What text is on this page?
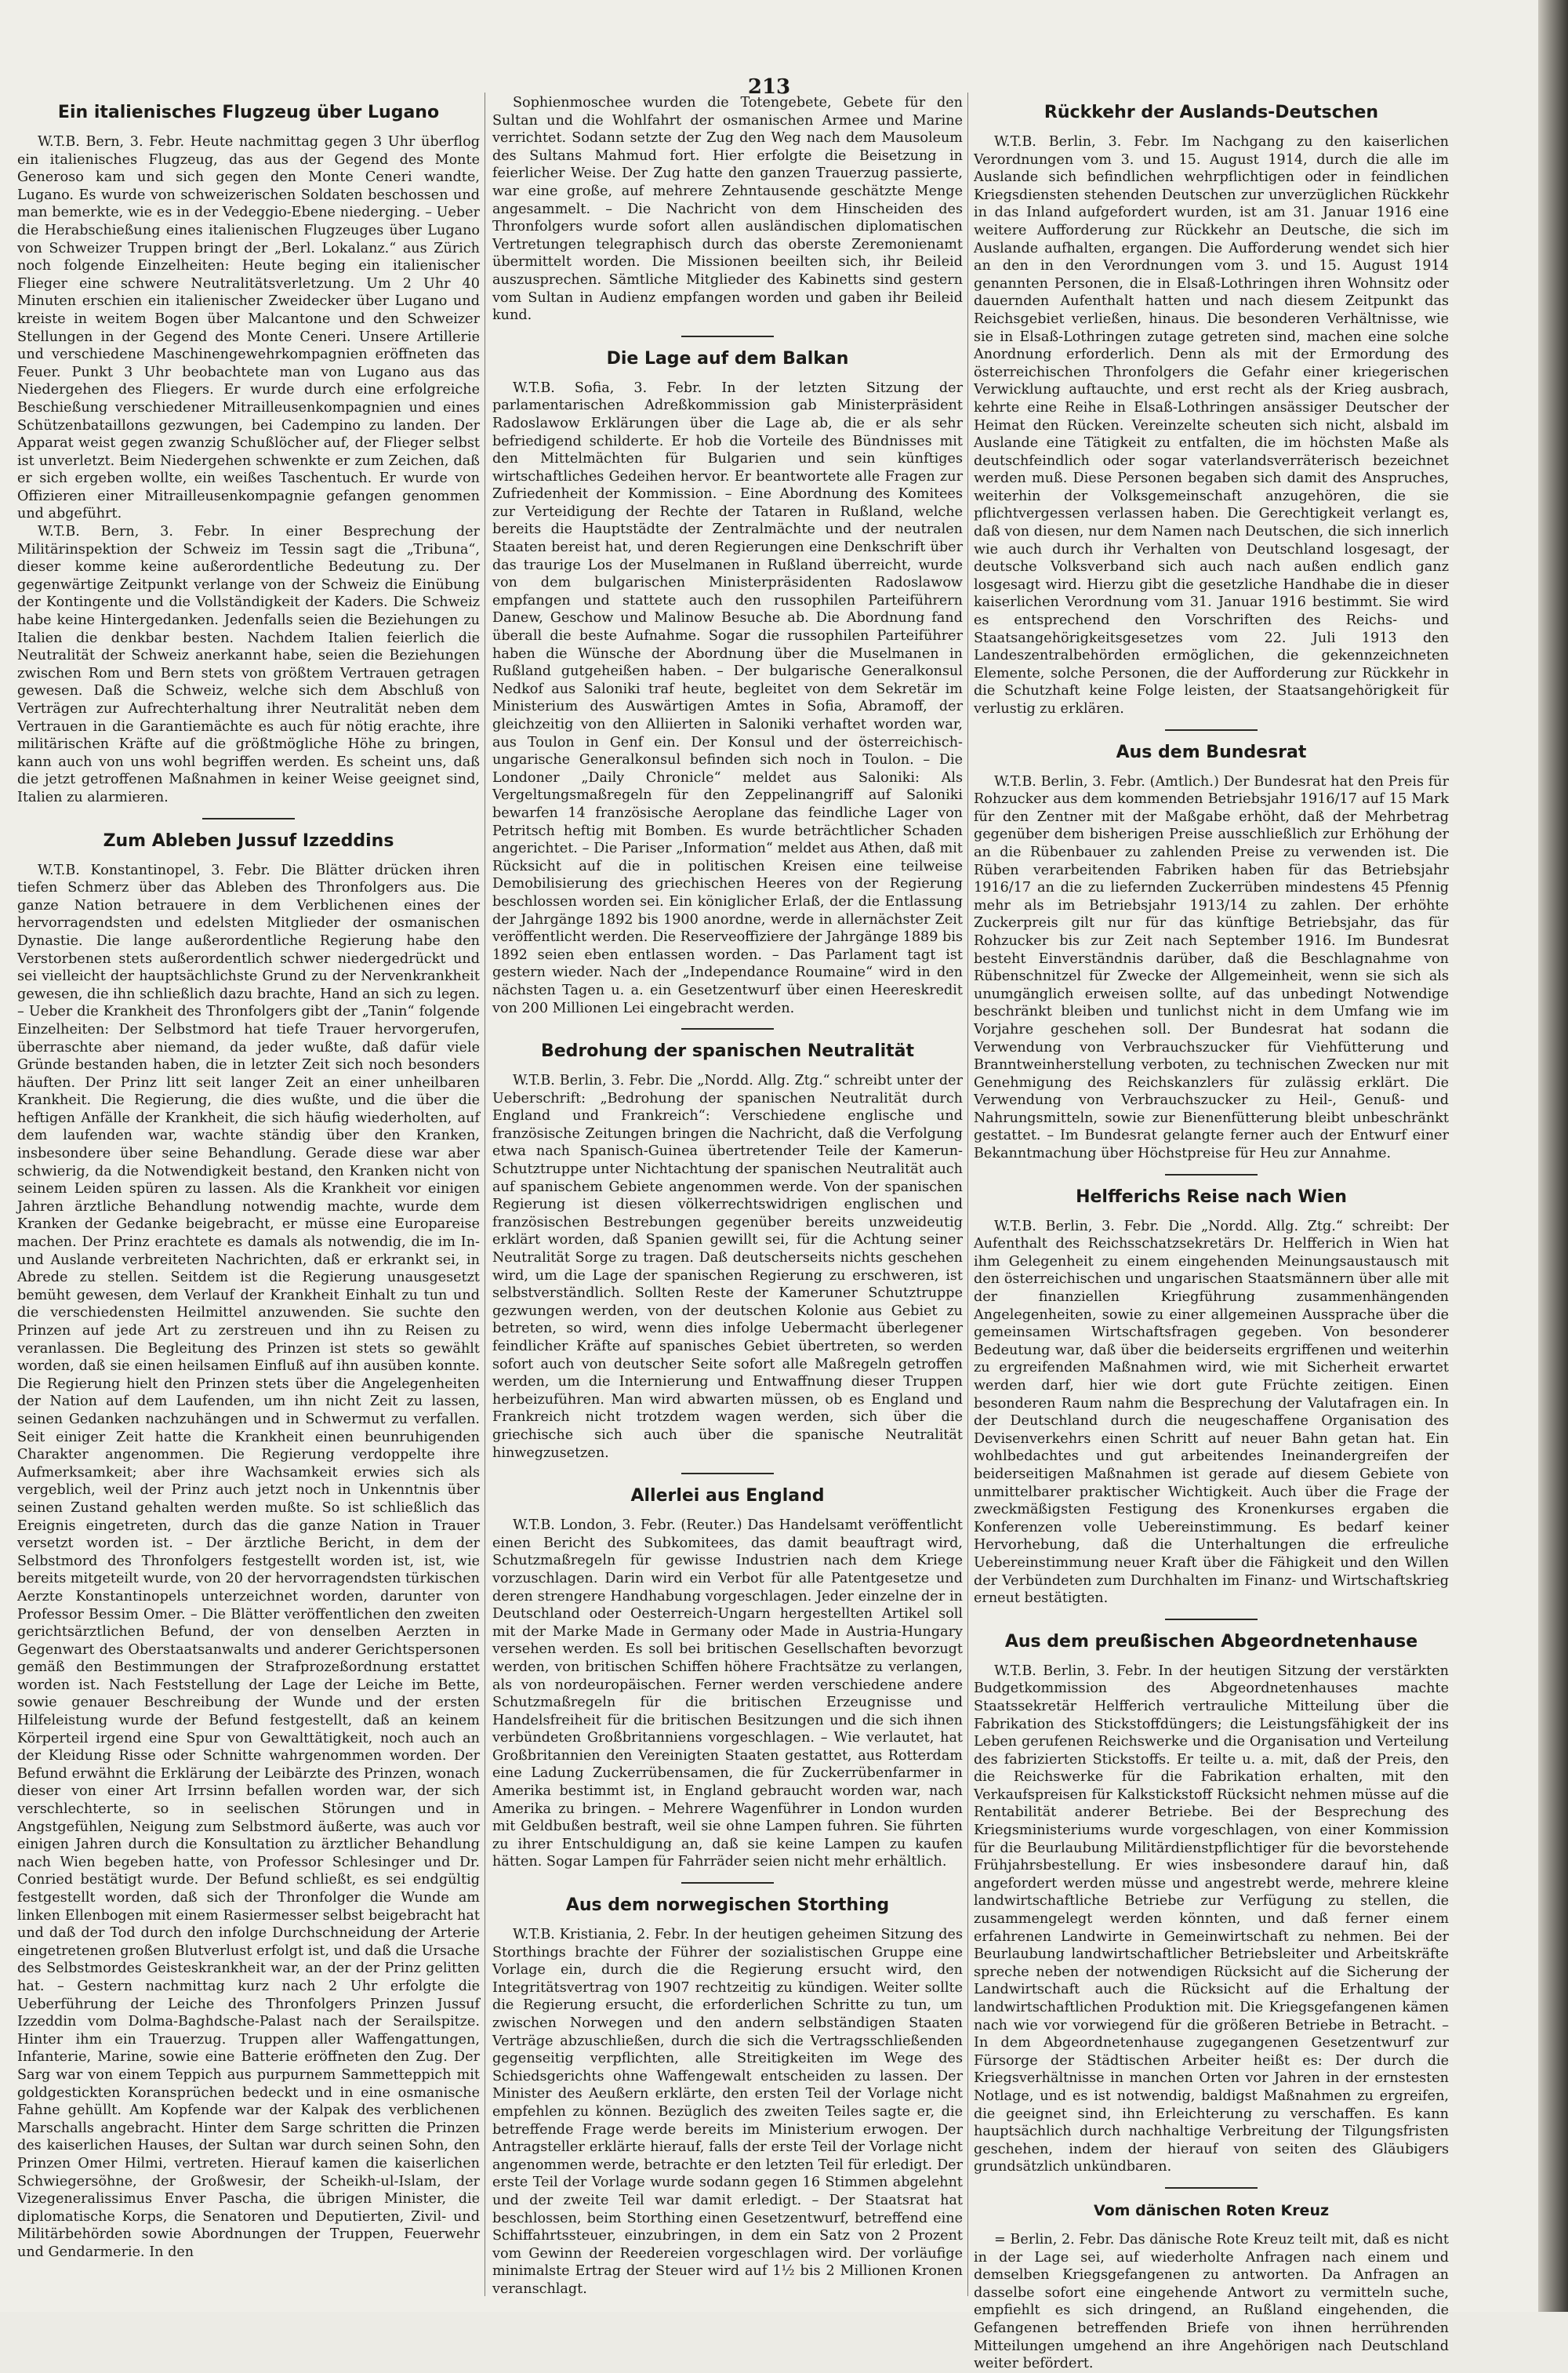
213
Ein italienisches Flugzeug über Lugano

W.T.B. Bern, 3. Febr. Heute nachmittag gegen 3 Uhr überflog ein italienisches Flugzeug, das aus der Gegend des Monte Generoso kam und sich gegen den Monte Ceneri wandte, Lugano. Es wurde von schweizerischen Soldaten beschossen und man bemerkte, wie es in der Vedeggio-Ebene niederging. – Ueber die Herabschießung eines italienischen Flugzeuges über Lugano von Schweizer Truppen bringt der „Berl. Lokalanz.“ aus Zürich noch folgende Einzelheiten: Heute beging ein italienischer Flieger eine schwere Neutralitätsverletzung. Um 2 Uhr 40 Minuten erschien ein italienischer Zweidecker über Lugano und kreiste in weitem Bogen über Malcantone und den Schweizer Stellungen in der Gegend des Monte Ceneri. Unsere Artillerie und verschiedene Maschinengewehrkompagnien eröffneten das Feuer. Punkt 3 Uhr beobachtete man von Lugano aus das Niedergehen des Fliegers. Er wurde durch eine erfolgreiche Beschießung verschiedener Mitrailleusenkompagnien und eines Schützenbataillons gezwungen, bei Cadempino zu landen. Der Apparat weist gegen zwanzig Schußlöcher auf, der Flieger selbst ist unverletzt. Beim Niedergehen schwenkte er zum Zeichen, daß er sich ergeben wollte, ein weißes Taschentuch. Er wurde von Offizieren einer Mitrailleusenkompagnie gefangen genommen und abgeführt.

W.T.B. Bern, 3. Febr. In einer Besprechung der Militärinspektion der Schweiz im Tessin sagt die „Tribuna“, dieser komme keine außerordentliche Bedeutung zu. Der gegenwärtige Zeitpunkt verlange von der Schweiz die Einübung der Kontingente und die Vollständigkeit der Kaders. Die Schweiz habe keine Hintergedanken. Jedenfalls seien die Beziehungen zu Italien die denkbar besten. Nachdem Italien feierlich die Neutralität der Schweiz anerkannt habe, seien die Beziehungen zwischen Rom und Bern stets von größtem Vertrauen getragen gewesen. Daß die Schweiz, welche sich dem Abschluß von Verträgen zur Aufrechterhaltung ihrer Neutralität neben dem Vertrauen in die Garantiemächte es auch für nötig erachte, ihre militärischen Kräfte auf die größtmögliche Höhe zu bringen, kann auch von uns wohl begriffen werden. Es scheint uns, daß die jetzt getroffenen Maßnahmen in keiner Weise geeignet sind, Italien zu alarmieren.

Zum Ableben Jussuf Izzeddins

W.T.B. Konstantinopel, 3. Febr. Die Blätter drücken ihren tiefen Schmerz über das Ableben des Thronfolgers aus. Die ganze Nation betrauere in dem Verblichenen eines der hervorragendsten und edelsten Mitglieder der osmanischen Dynastie. Die lange außerordentliche Regierung habe den Verstorbenen stets außerordentlich schwer niedergedrückt und sei vielleicht der hauptsächlichste Grund zu der Nervenkrankheit gewesen, die ihn schließlich dazu brachte, Hand an sich zu legen. – Ueber die Krankheit des Thronfolgers gibt der „Tanin“ folgende Einzelheiten: Der Selbstmord hat tiefe Trauer hervorgerufen, überraschte aber niemand, da jeder wußte, daß dafür viele Gründe bestanden haben, die in letzter Zeit sich noch besonders häuften. Der Prinz litt seit langer Zeit an einer unheilbaren Krankheit. Die Regierung, die dies wußte, und die über die heftigen Anfälle der Krankheit, die sich häufig wiederholten, auf dem laufenden war, wachte ständig über den Kranken, insbesondere über seine Behandlung. Gerade diese war aber schwierig, da die Notwendigkeit bestand, den Kranken nicht von seinem Leiden spüren zu lassen. Als die Krankheit vor einigen Jahren ärztliche Behandlung notwendig machte, wurde dem Kranken der Gedanke beigebracht, er müsse eine Europareise machen. Der Prinz erachtete es damals als notwendig, die im In- und Auslande verbreiteten Nachrichten, daß er erkrankt sei, in Abrede zu stellen. Seitdem ist die Regierung unausgesetzt bemüht gewesen, dem Verlauf der Krankheit Einhalt zu tun und die verschiedensten Heilmittel anzuwenden. Sie suchte den Prinzen auf jede Art zu zerstreuen und ihn zu Reisen zu veranlassen. Die Begleitung des Prinzen ist stets so gewählt worden, daß sie einen heilsamen Einfluß auf ihn ausüben konnte. Die Regierung hielt den Prinzen stets über die Angelegenheiten der Nation auf dem Laufenden, um ihn nicht Zeit zu lassen, seinen Gedanken nachzuhängen und in Schwermut zu verfallen. Seit einiger Zeit hatte die Krankheit einen beunruhigenden Charakter angenommen. Die Regierung verdoppelte ihre Aufmerksamkeit; aber ihre Wachsamkeit erwies sich als vergeblich, weil der Prinz auch jetzt noch in Unkenntnis über seinen Zustand gehalten werden mußte. So ist schließlich das Ereignis eingetreten, durch das die ganze Nation in Trauer versetzt worden ist. – Der ärztliche Bericht, in dem der Selbstmord des Thronfolgers festgestellt worden ist, ist, wie bereits mitgeteilt wurde, von 20 der hervorragendsten türkischen Aerzte Konstantinopels unterzeichnet worden, darunter von Professor Bessim Omer. – Die Blätter veröffentlichen den zweiten gerichtsärztlichen Befund, der von denselben Aerzten in Gegenwart des Oberstaatsanwalts und anderer Gerichtspersonen gemäß den Bestimmungen der Strafprozeßordnung erstattet worden ist. Nach Feststellung der Lage der Leiche im Bette, sowie genauer Beschreibung der Wunde und der ersten Hilfeleistung wurde der Befund festgestellt, daß an keinem Körperteil irgend eine Spur von Gewalttätigkeit, noch auch an der Kleidung Risse oder Schnitte wahrgenommen worden. Der Befund erwähnt die Erklärung der Leibärzte des Prinzen, wonach dieser von einer Art Irrsinn befallen worden war, der sich verschlechterte, so in seelischen Störungen und in Angstgefühlen, Neigung zum Selbstmord äußerte, was auch vor einigen Jahren durch die Konsultation zu ärztlicher Behandlung nach Wien begeben hatte, von Professor Schlesinger und Dr. Conried bestätigt wurde. Der Befund schließt, es sei endgültig festgestellt worden, daß sich der Thronfolger die Wunde am linken Ellenbogen mit einem Rasiermesser selbst beigebracht hat und daß der Tod durch den infolge Durchschneidung der Arterie eingetretenen großen Blutverlust erfolgt ist, und daß die Ursache des Selbstmordes Geisteskrankheit war, an der der Prinz gelitten hat. – Gestern nachmittag kurz nach 2 Uhr erfolgte die Ueberführung der Leiche des Thronfolgers Prinzen Jussuf Izzeddin vom Dolma-Baghdsche-Palast nach der Serailspitze. Hinter ihm ein Trauerzug. Truppen aller Waffengattungen, Infanterie, Marine, sowie eine Batterie eröffneten den Zug. Der Sarg war von einem Teppich aus purpurnem Sammetteppich mit goldgestickten Koransprüchen bedeckt und in eine osmanische Fahne gehüllt. Am Kopfende war der Kalpak des verblichenen Marschalls angebracht. Hinter dem Sarge schritten die Prinzen des kaiserlichen Hauses, der Sultan war durch seinen Sohn, den Prinzen Omer Hilmi, vertreten. Hierauf kamen die kaiserlichen Schwiegersöhne, der Großwesir, der Scheikh-ul-Islam, der Vizegeneralissimus Enver Pascha, die übrigen Minister, die diplomatische Korps, die Senatoren und Deputierten, Zivil- und Militärbehörden sowie Abordnungen der Truppen, Feuerwehr und Gendarmerie. In den

Sophienmoschee wurden die Totengebete, Gebete für den Sultan und die Wohlfahrt der osmanischen Armee und Marine verrichtet. Sodann setzte der Zug den Weg nach dem Mausoleum des Sultans Mahmud fort. Hier erfolgte die Beisetzung in feierlicher Weise. Der Zug hatte den ganzen Trauerzug passierte, war eine große, auf mehrere Zehntausende geschätzte Menge angesammelt. – Die Nachricht von dem Hinscheiden des Thronfolgers wurde sofort allen ausländischen diplomatischen Vertretungen telegraphisch durch das oberste Zeremonienamt übermittelt worden. Die Missionen beeilten sich, ihr Beileid auszusprechen. Sämtliche Mitglieder des Kabinetts sind gestern vom Sultan in Audienz empfangen worden und gaben ihr Beileid kund.

Die Lage auf dem Balkan

W.T.B. Sofia, 3. Febr. In der letzten Sitzung der parlamentarischen Adreßkommission gab Ministerpräsident Radoslawow Erklärungen über die Lage ab, die er als sehr befriedigend schilderte. Er hob die Vorteile des Bündnisses mit den Mittelmächten für Bulgarien und sein künftiges wirtschaftliches Gedeihen hervor. Er beantwortete alle Fragen zur Zufriedenheit der Kommission. – Eine Abordnung des Komitees zur Verteidigung der Rechte der Tataren in Rußland, welche bereits die Hauptstädte der Zentralmächte und der neutralen Staaten bereist hat, und deren Regierungen eine Denkschrift über das traurige Los der Muselmanen in Rußland überreicht, wurde von dem bulgarischen Ministerpräsidenten Radoslawow empfangen und stattete auch den russophilen Parteiführern Danew, Geschow und Malinow Besuche ab. Die Abordnung fand überall die beste Aufnahme. Sogar die russophilen Parteiführer haben die Wünsche der Abordnung über die Muselmanen in Rußland gutgeheißen haben. – Der bulgarische Generalkonsul Nedkof aus Saloniki traf heute, begleitet von dem Sekretär im Ministerium des Auswärtigen Amtes in Sofia, Abramoff, der gleichzeitig von den Alliierten in Saloniki verhaftet worden war, aus Toulon in Genf ein. Der Konsul und der österreichisch-ungarische Generalkonsul befinden sich noch in Toulon. – Die Londoner „Daily Chronicle“ meldet aus Saloniki: Als Vergeltungsmaßregeln für den Zeppelinangriff auf Saloniki bewarfen 14 französische Aeroplane das feindliche Lager von Petritsch heftig mit Bomben. Es wurde beträchtlicher Schaden angerichtet. – Die Pariser „Information“ meldet aus Athen, daß mit Rücksicht auf die in politischen Kreisen eine teilweise Demobilisierung des griechischen Heeres von der Regierung beschlossen worden sei. Ein königlicher Erlaß, der die Entlassung der Jahrgänge 1892 bis 1900 anordne, werde in allernächster Zeit veröffentlicht werden. Die Reserveoffiziere der Jahrgänge 1889 bis 1892 seien eben entlassen worden. – Das Parlament tagt ist gestern wieder. Nach der „Independance Roumaine“ wird in den nächsten Tagen u. a. ein Gesetzentwurf über einen Heereskredit von 200 Millionen Lei eingebracht werden.

Bedrohung der spanischen Neutralität

W.T.B. Berlin, 3. Febr. Die „Nordd. Allg. Ztg.“ schreibt unter der Ueberschrift: „Bedrohung der spanischen Neutralität durch England und Frankreich“: Verschiedene englische und französische Zeitungen bringen die Nachricht, daß die Verfolgung etwa nach Spanisch-Guinea übertretender Teile der Kamerun-Schutztruppe unter Nichtachtung der spanischen Neutralität auch auf spanischem Gebiete angenommen werde. Von der spanischen Regierung ist diesen völkerrechtswidrigen englischen und französischen Bestrebungen gegenüber bereits unzweideutig erklärt worden, daß Spanien gewillt sei, für die Achtung seiner Neutralität Sorge zu tragen. Daß deutscherseits nichts geschehen wird, um die Lage der spanischen Regierung zu erschweren, ist selbstverständlich. Sollten Reste der Kameruner Schutztruppe gezwungen werden, von der deutschen Kolonie aus Gebiet zu betreten, so wird, wenn dies infolge Uebermacht überlegener feindlicher Kräfte auf spanisches Gebiet übertreten, so werden sofort auch von deutscher Seite sofort alle Maßregeln getroffen werden, um die Internierung und Entwaffnung dieser Truppen herbeizuführen. Man wird abwarten müssen, ob es England und Frankreich nicht trotzdem wagen werden, sich über die griechische sich auch über die spanische Neutralität hinwegzusetzen.

Allerlei aus England

W.T.B. London, 3. Febr. (Reuter.) Das Handelsamt veröffentlicht einen Bericht des Subkomitees, das damit beauftragt wird, Schutzmaßregeln für gewisse Industrien nach dem Kriege vorzuschlagen. Darin wird ein Verbot für alle Patentgesetze und deren strengere Handhabung vorgeschlagen. Jeder einzelne der in Deutschland oder Oesterreich-Ungarn hergestellten Artikel soll mit der Marke Made in Germany oder Made in Austria-Hungary versehen werden. Es soll bei britischen Gesellschaften bevorzugt werden, von britischen Schiffen höhere Frachtsätze zu verlangen, als von nordeuropäischen. Ferner werden verschiedene andere Schutzmaßregeln für die britischen Erzeugnisse und Handelsfreiheit für die britischen Besitzungen und die sich ihnen verbündeten Großbritanniens vorgeschlagen. – Wie verlautet, hat Großbritannien den Vereinigten Staaten gestattet, aus Rotterdam eine Ladung Zuckerrübensamen, die für Zuckerrübenfarmer in Amerika bestimmt ist, in England gebraucht worden war, nach Amerika zu bringen. – Mehrere Wagenführer in London wurden mit Geldbußen bestraft, weil sie ohne Lampen fuhren. Sie führten zu ihrer Entschuldigung an, daß sie keine Lampen zu kaufen hätten. Sogar Lampen für Fahrräder seien nicht mehr erhältlich.

Aus dem norwegischen Storthing

W.T.B. Kristiania, 2. Febr. In der heutigen geheimen Sitzung des Storthings brachte der Führer der sozialistischen Gruppe eine Vorlage ein, durch die die Regierung ersucht wird, den Integritätsvertrag von 1907 rechtzeitig zu kündigen. Weiter sollte die Regierung ersucht, die erforderlichen Schritte zu tun, um zwischen Norwegen und den andern selbständigen Staaten Verträge abzuschließen, durch die sich die Vertragsschließenden gegenseitig verpflichten, alle Streitigkeiten im Wege des Schiedsgerichts ohne Waffengewalt entscheiden zu lassen. Der Minister des Aeußern erklärte, den ersten Teil der Vorlage nicht empfehlen zu können. Bezüglich des zweiten Teiles sagte er, die betreffende Frage werde bereits im Ministerium erwogen. Der Antragsteller erklärte hierauf, falls der erste Teil der Vorlage nicht angenommen werde, betrachte er den letzten Teil für erledigt. Der erste Teil der Vorlage wurde sodann gegen 16 Stimmen abgelehnt und der zweite Teil war damit erledigt. – Der Staatsrat hat beschlossen, beim Storthing einen Gesetzentwurf, betreffend eine Schiffahrtssteuer, einzubringen, in dem ein Satz von 2 Prozent vom Gewinn der Reedereien vorgeschlagen wird. Der vorläufige minimalste Ertrag der Steuer wird auf 1½ bis 2 Millionen Kronen veranschlagt.

Rückkehr der Auslands-Deutschen

W.T.B. Berlin, 3. Febr. Im Nachgang zu den kaiserlichen Verordnungen vom 3. und 15. August 1914, durch die alle im Auslande sich befindlichen wehrpflichtigen oder in feindlichen Kriegsdiensten stehenden Deutschen zur unverzüglichen Rückkehr in das Inland aufgefordert wurden, ist am 31. Januar 1916 eine weitere Aufforderung zur Rückkehr an Deutsche, die sich im Auslande aufhalten, ergangen. Die Aufforderung wendet sich hier an den in den Verordnungen vom 3. und 15. August 1914 genannten Personen, die in Elsaß-Lothringen ihren Wohnsitz oder dauernden Aufenthalt hatten und nach diesem Zeitpunkt das Reichsgebiet verließen, hinaus. Die besonderen Verhältnisse, wie sie in Elsaß-Lothringen zutage getreten sind, machen eine solche Anordnung erforderlich. Denn als mit der Ermordung des österreichischen Thronfolgers die Gefahr einer kriegerischen Verwicklung auftauchte, und erst recht als der Krieg ausbrach, kehrte eine Reihe in Elsaß-Lothringen ansässiger Deutscher der Heimat den Rücken. Vereinzelte scheuten sich nicht, alsbald im Auslande eine Tätigkeit zu entfalten, die im höchsten Maße als deutschfeindlich oder sogar vaterlandsverräterisch bezeichnet werden muß. Diese Personen begaben sich damit des Anspruches, weiterhin der Volksgemeinschaft anzugehören, die sie pflichtvergessen verlassen haben. Die Gerechtigkeit verlangt es, daß von diesen, nur dem Namen nach Deutschen, die sich innerlich wie auch durch ihr Verhalten von Deutschland losgesagt, der deutsche Volksverband sich auch nach außen endlich ganz losgesagt wird. Hierzu gibt die gesetzliche Handhabe die in dieser kaiserlichen Verordnung vom 31. Januar 1916 bestimmt. Sie wird es entsprechend den Vorschriften des Reichs- und Staatsangehörigkeitsgesetzes vom 22. Juli 1913 den Landeszentralbehörden ermöglichen, die gekennzeichneten Elemente, solche Personen, die der Aufforderung zur Rückkehr in die Schutzhaft keine Folge leisten, der Staatsangehörigkeit für verlustig zu erklären.

Aus dem Bundesrat

W.T.B. Berlin, 3. Febr. (Amtlich.) Der Bundesrat hat den Preis für Rohzucker aus dem kommenden Betriebsjahr 1916/17 auf 15 Mark für den Zentner mit der Maßgabe erhöht, daß der Mehrbetrag gegenüber dem bisherigen Preise ausschließlich zur Erhöhung der an die Rübenbauer zu zahlenden Preise zu verwenden ist. Die Rüben verarbeitenden Fabriken haben für das Betriebsjahr 1916/17 an die zu liefernden Zuckerrüben mindestens 45 Pfennig mehr als im Betriebsjahr 1913/14 zu zahlen. Der erhöhte Zuckerpreis gilt nur für das künftige Betriebsjahr, das für Rohzucker bis zur Zeit nach September 1916. Im Bundesrat besteht Einverständnis darüber, daß die Beschlagnahme von Rübenschnitzel für Zwecke der Allgemeinheit, wenn sie sich als unumgänglich erweisen sollte, auf das unbedingt Notwendige beschränkt bleiben und tunlichst nicht in dem Umfang wie im Vorjahre geschehen soll. Der Bundesrat hat sodann die Verwendung von Verbrauchszucker für Viehfütterung und Branntweinherstellung verboten, zu technischen Zwecken nur mit Genehmigung des Reichskanzlers für zulässig erklärt. Die Verwendung von Verbrauchszucker zu Heil-, Genuß- und Nahrungsmitteln, sowie zur Bienenfütterung bleibt unbeschränkt gestattet. – Im Bundesrat gelangte ferner auch der Entwurf einer Bekanntmachung über Höchstpreise für Heu zur Annahme.

Helfferichs Reise nach Wien

W.T.B. Berlin, 3. Febr. Die „Nordd. Allg. Ztg.“ schreibt: Der Aufenthalt des Reichsschatzsekretärs Dr. Helfferich in Wien hat ihm Gelegenheit zu einem eingehenden Meinungsaustausch mit den österreichischen und ungarischen Staatsmännern über alle mit der finanziellen Kriegführung zusammenhängenden Angelegenheiten, sowie zu einer allgemeinen Aussprache über die gemeinsamen Wirtschaftsfragen gegeben. Von besonderer Bedeutung war, daß über die beiderseits ergriffenen und weiterhin zu ergreifenden Maßnahmen wird, wie mit Sicherheit erwartet werden darf, hier wie dort gute Früchte zeitigen. Einen besonderen Raum nahm die Besprechung der Valutafragen ein. In der Deutschland durch die neugeschaffene Organisation des Devisenverkehrs einen Schritt auf neuer Bahn getan hat. Ein wohlbedachtes und gut arbeitendes Ineinandergreifen der beiderseitigen Maßnahmen ist gerade auf diesem Gebiete von unmittelbarer praktischer Wichtigkeit. Auch über die Frage der zweckmäßigsten Festigung des Kronenkurses ergaben die Konferenzen volle Uebereinstimmung. Es bedarf keiner Hervorhebung, daß die Unterhaltungen die erfreuliche Uebereinstimmung neuer Kraft über die Fähigkeit und den Willen der Verbündeten zum Durchhalten im Finanz- und Wirtschaftskrieg erneut bestätigten.

Aus dem preußischen Abgeordnetenhause

W.T.B. Berlin, 3. Febr. In der heutigen Sitzung der verstärkten Budgetkommission des Abgeordnetenhauses machte Staatssekretär Helfferich vertrauliche Mitteilung über die Fabrikation des Stickstoffdüngers; die Leistungsfähigkeit der ins Leben gerufenen Reichswerke und die Organisation und Verteilung des fabrizierten Stickstoffs. Er teilte u. a. mit, daß der Preis, den die Reichswerke für die Fabrikation erhalten, mit den Verkaufspreisen für Kalkstickstoff Rücksicht nehmen müsse auf die Rentabilität anderer Betriebe. Bei der Besprechung des Kriegsministeriums wurde vorgeschlagen, von einer Kommission für die Beurlaubung Militärdienstpflichtiger für die bevorstehende Frühjahrsbestellung. Er wies insbesondere darauf hin, daß angefordert werden müsse und angestrebt werde, mehrere kleine landwirtschaftliche Betriebe zur Verfügung zu stellen, die zusammengelegt werden könnten, und daß ferner einem erfahrenen Landwirte in Gemeinwirtschaft zu nehmen. Bei der Beurlaubung landwirtschaftlicher Betriebsleiter und Arbeitskräfte spreche neben der notwendigen Rücksicht auf die Sicherung der Landwirtschaft auch die Rücksicht auf die Erhaltung der landwirtschaftlichen Produktion mit. Die Kriegsgefangenen kämen nach wie vor vorwiegend für die größeren Betriebe in Betracht. – In dem Abgeordnetenhause zugegangenen Gesetzentwurf zur Fürsorge der Städtischen Arbeiter heißt es: Der durch die Kriegsverhältnisse in manchen Orten vor Jahren in der ernstesten Notlage, und es ist notwendig, baldigst Maßnahmen zu ergreifen, die geeignet sind, ihn Erleichterung zu verschaffen. Es kann hauptsächlich durch nachhaltige Verbreitung der Tilgungsfristen geschehen, indem der hierauf von seiten des Gläubigers grundsätzlich unkündbaren.

Vom dänischen Roten Kreuz

= Berlin, 2. Febr. Das dänische Rote Kreuz teilt mit, daß es nicht in der Lage sei, auf wiederholte Anfragen nach einem und demselben Kriegsgefangenen zu antworten. Da Anfragen an dasselbe sofort eine eingehende Antwort zu vermitteln suche, empfiehlt es sich dringend, an Rußland eingehenden, die Gefangenen betreffenden Briefe von ihnen herrührenden Mitteilungen umgehend an ihre Angehörigen nach Deutschland weiter befördert.
